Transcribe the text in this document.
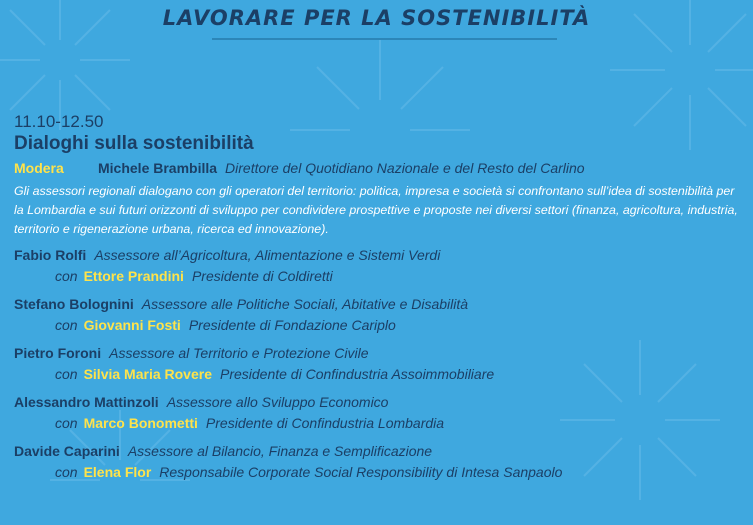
LAVORARE PER LA SOSTENIBILITÀ
11.10-12.50
Dialoghi sulla sostenibilità
Modera Michele Brambilla Direttore del Quotidiano Nazionale e del Resto del Carlino
Gli assessori regionali dialogano con gli operatori del territorio: politica, impresa e società si confrontano sull’idea di sostenibilità per la Lombardia e sui futuri orizzonti di sviluppo per condividere prospettive e proposte nei diversi settori (finanza, agricoltura, industria, territorio e rigenerazione urbana, ricerca ed innovazione).
Fabio Rolfi Assessore all’Agricoltura, Alimentazione e Sistemi Verdi
con Ettore Prandini Presidente di Coldiretti
Stefano Bolognini Assessore alle Politiche Sociali, Abitative e Disabilità
con Giovanni Fosti Presidente di Fondazione Cariplo
Pietro Foroni Assessore al Territorio e Protezione Civile
con Silvia Maria Rovere Presidente di Confindustria Assoimmobiliare
Alessandro Mattinzoli Assessore allo Sviluppo Economico
con Marco Bonometti Presidente di Confindustria Lombardia
Davide Caparini Assessore al Bilancio, Finanza e Semplificazione
con Elena Flor Responsabile Corporate Social Responsibility di Intesa Sanpaolo
